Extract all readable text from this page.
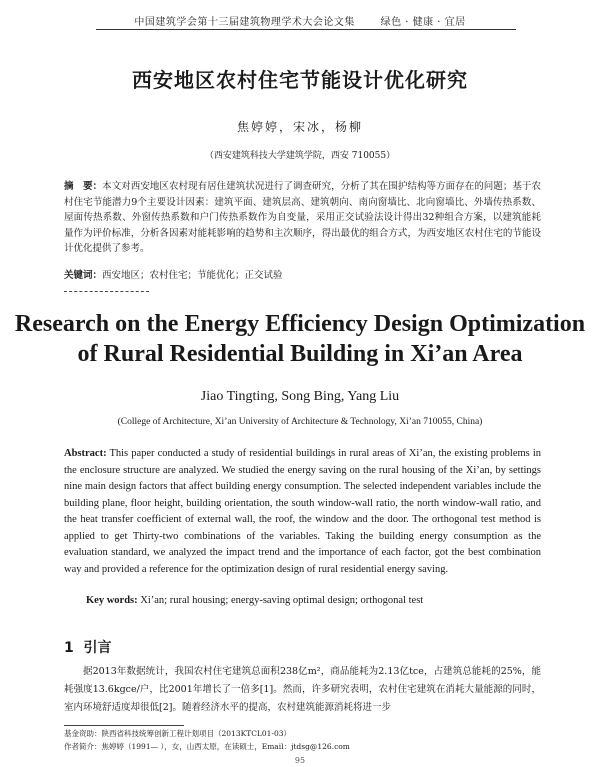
中国建筑学会第十三届建筑物理学术大会论文集	绿色 · 健康 · 宜居
西安地区农村住宅节能设计优化研究
焦婷婷，宋冰，杨柳
（西安建筑科技大学建筑学院，西安 710055）
摘　要：本文对西安地区农村现有居住建筑状况进行了调查研究，分析了其在围护结构等方面存在的问题；基于农村住宅节能潜力9个主要设计因素：建筑平面、建筑层高、建筑朝向、南向窗墙比、北向窗墙比、外墙传热系数、屋面传热系数、外窗传热系数和户门传热系数作为自变量，采用正交试验法设计得出32种组合方案，以建筑能耗量作为评价标准，分析各因素对能耗影响的趋势和主次顺序，得出最优的组合方式，为西安地区农村住宅的节能设计优化提供了参考。
关键词：西安地区；农村住宅；节能优化；正交试验
Research on the Energy Efficiency Design Optimization
of Rural Residential Building in Xi’an Area
Jiao Tingting, Song Bing, Yang Liu
(College of Architecture, Xi’an University of Architecture & Technology, Xi’an 710055, China)
Abstract: This paper conducted a study of residential buildings in rural areas of Xi’an, the existing problems in the enclosure structure are analyzed. We studied the energy saving on the rural housing of the Xi’an, by settings nine main design factors that affect building energy consumption. The selected independent variables include the building plane, floor height, building orientation, the south window-wall ratio, the north window-wall ratio, and the heat transfer coefficient of external wall, the roof, the window and the door. The orthogonal test method is applied to get Thirty-two combinations of the variables. Taking the building energy consumption as the evaluation standard, we analyzed the impact trend and the importance of each factor, got the best combination way and provided a reference for the optimization design of rural residential energy saving.
Key words: Xi’an; rural housing; energy-saving optimal design; orthogonal test
1 引言
据2013年数据统计，我国农村住宅建筑总面积238亿m²，商品能耗为2.13亿tce，占建筑总能耗的25%，能耗强度13.6kgce/户，比2001年增长了一倍多[1]。然而，许多研究表明，农村住宅建筑在消耗大量能源的同时，室内环境舒适度却很低[2]。随着经济水平的提高，农村建筑能源消耗将进一步
基金资助：陕西省科技统筹创新工程计划项目（2013KTCL01-03）
作者简介：焦婷婷（1991— ），女，山西太原，在读硕士，Email：jtdsg@126.com
95
